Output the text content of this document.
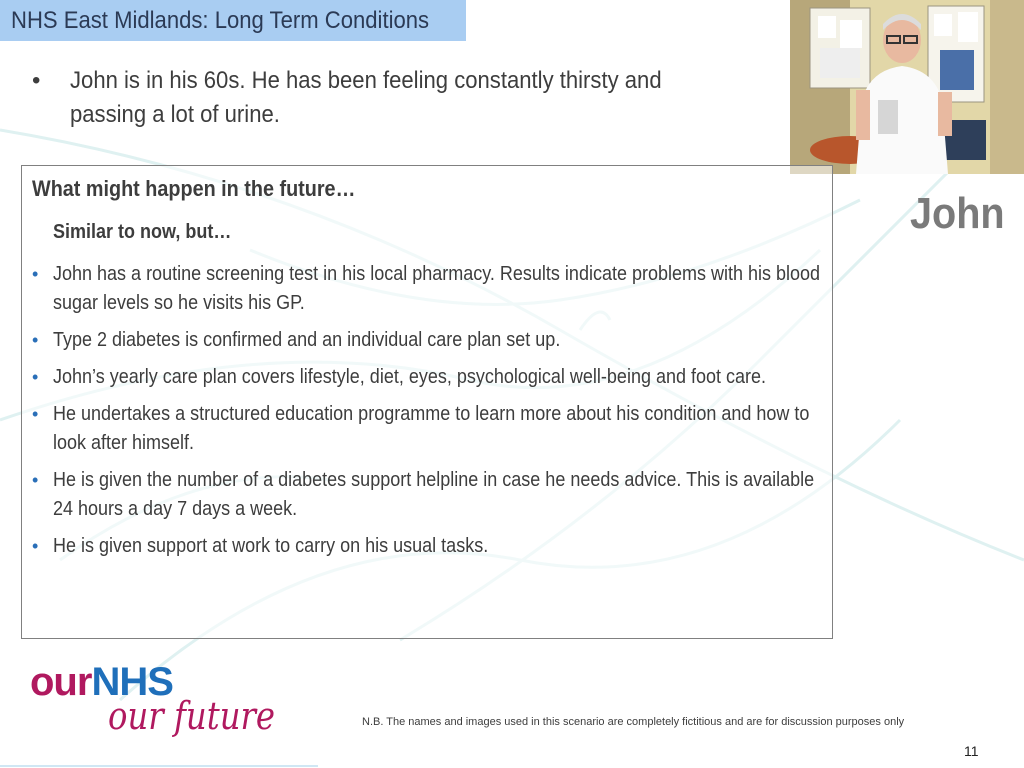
NHS East Midlands: Long Term Conditions
• John is in his 60s. He has been feeling constantly thirsty and passing a lot of urine.
John
What might happen in the future…
Similar to now, but…
• John has a routine screening test in his local pharmacy. Results indicate problems with his blood sugar levels so he visits his GP.
• Type 2 diabetes is confirmed and an individual care plan set up.
• John’s yearly care plan covers lifestyle, diet, eyes, psychological well-being and foot care.
• He undertakes a structured education programme to learn more about his condition and how to look after himself.
• He is given the number of a diabetes support helpline in case he needs advice. This is available 24 hours a day 7 days a week.
• He is given support at work to carry on his usual tasks.
ourNHS
our future	N.B. The names and images used in this scenario are completely fictitious and are for discussion purposes only
11
